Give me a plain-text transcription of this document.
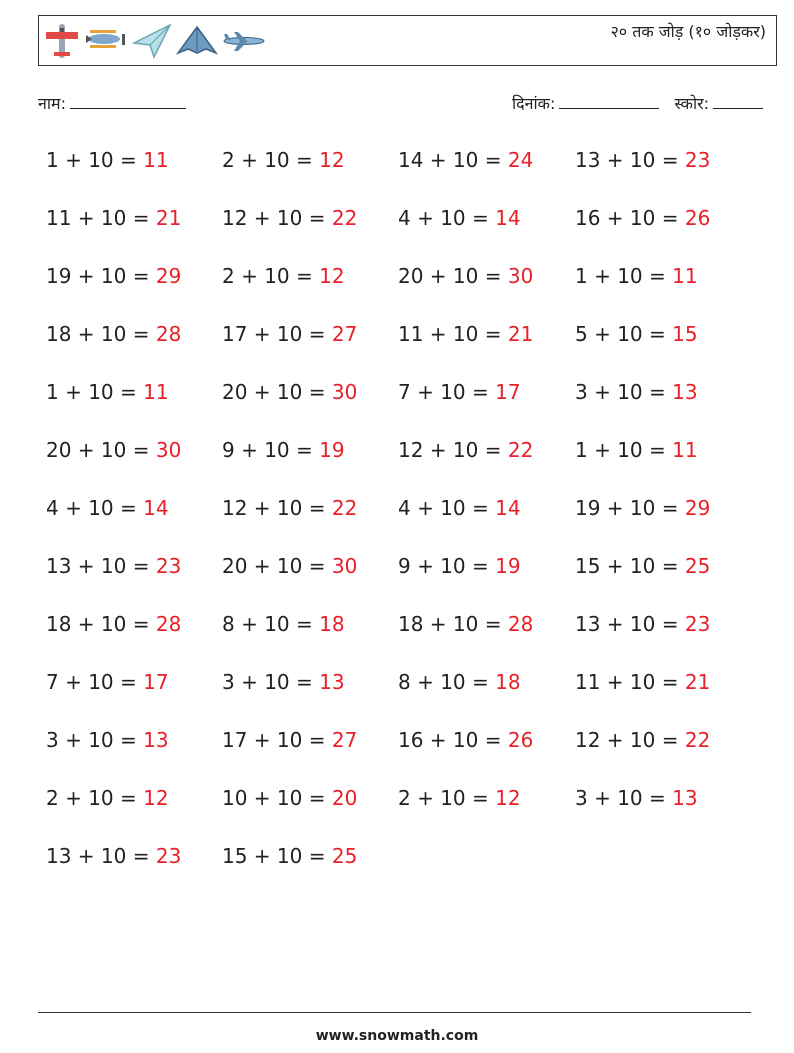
२० तक जोड़ (१० जोड़कर)
नाम:	दिनांक:	स्कोर:
1 + 10 = 11	2 + 10 = 12	14 + 10 = 24 13 + 10 = 23
11 + 10 = 21 12 + 10 = 22 4 + 10 = 14	16 + 10 = 26
19 + 10 = 29 2 + 10 = 12	20 + 10 = 30 1 + 10 = 11
18 + 10 = 28 17 + 10 = 27 11 + 10 = 21 5 + 10 = 15
1 + 10 = 11	20 + 10 = 30 7 + 10 = 17	3 + 10 = 13
20 + 10 = 30 9 + 10 = 19	12 + 10 = 22 1 + 10 = 11
4 + 10 = 14	12 + 10 = 22 4 + 10 = 14	19 + 10 = 29
13 + 10 = 23 20 + 10 = 30 9 + 10 = 19	15 + 10 = 25
18 + 10 = 28 8 + 10 = 18	18 + 10 = 28 13 + 10 = 23
7 + 10 = 17	3 + 10 = 13	8 + 10 = 18	11 + 10 = 21
3 + 10 = 13	17 + 10 = 27 16 + 10 = 26 12 + 10 = 22
2 + 10 = 12	10 + 10 = 20 2 + 10 = 12	3 + 10 = 13
13 + 10 = 23 15 + 10 = 25
www.snowmath.com
